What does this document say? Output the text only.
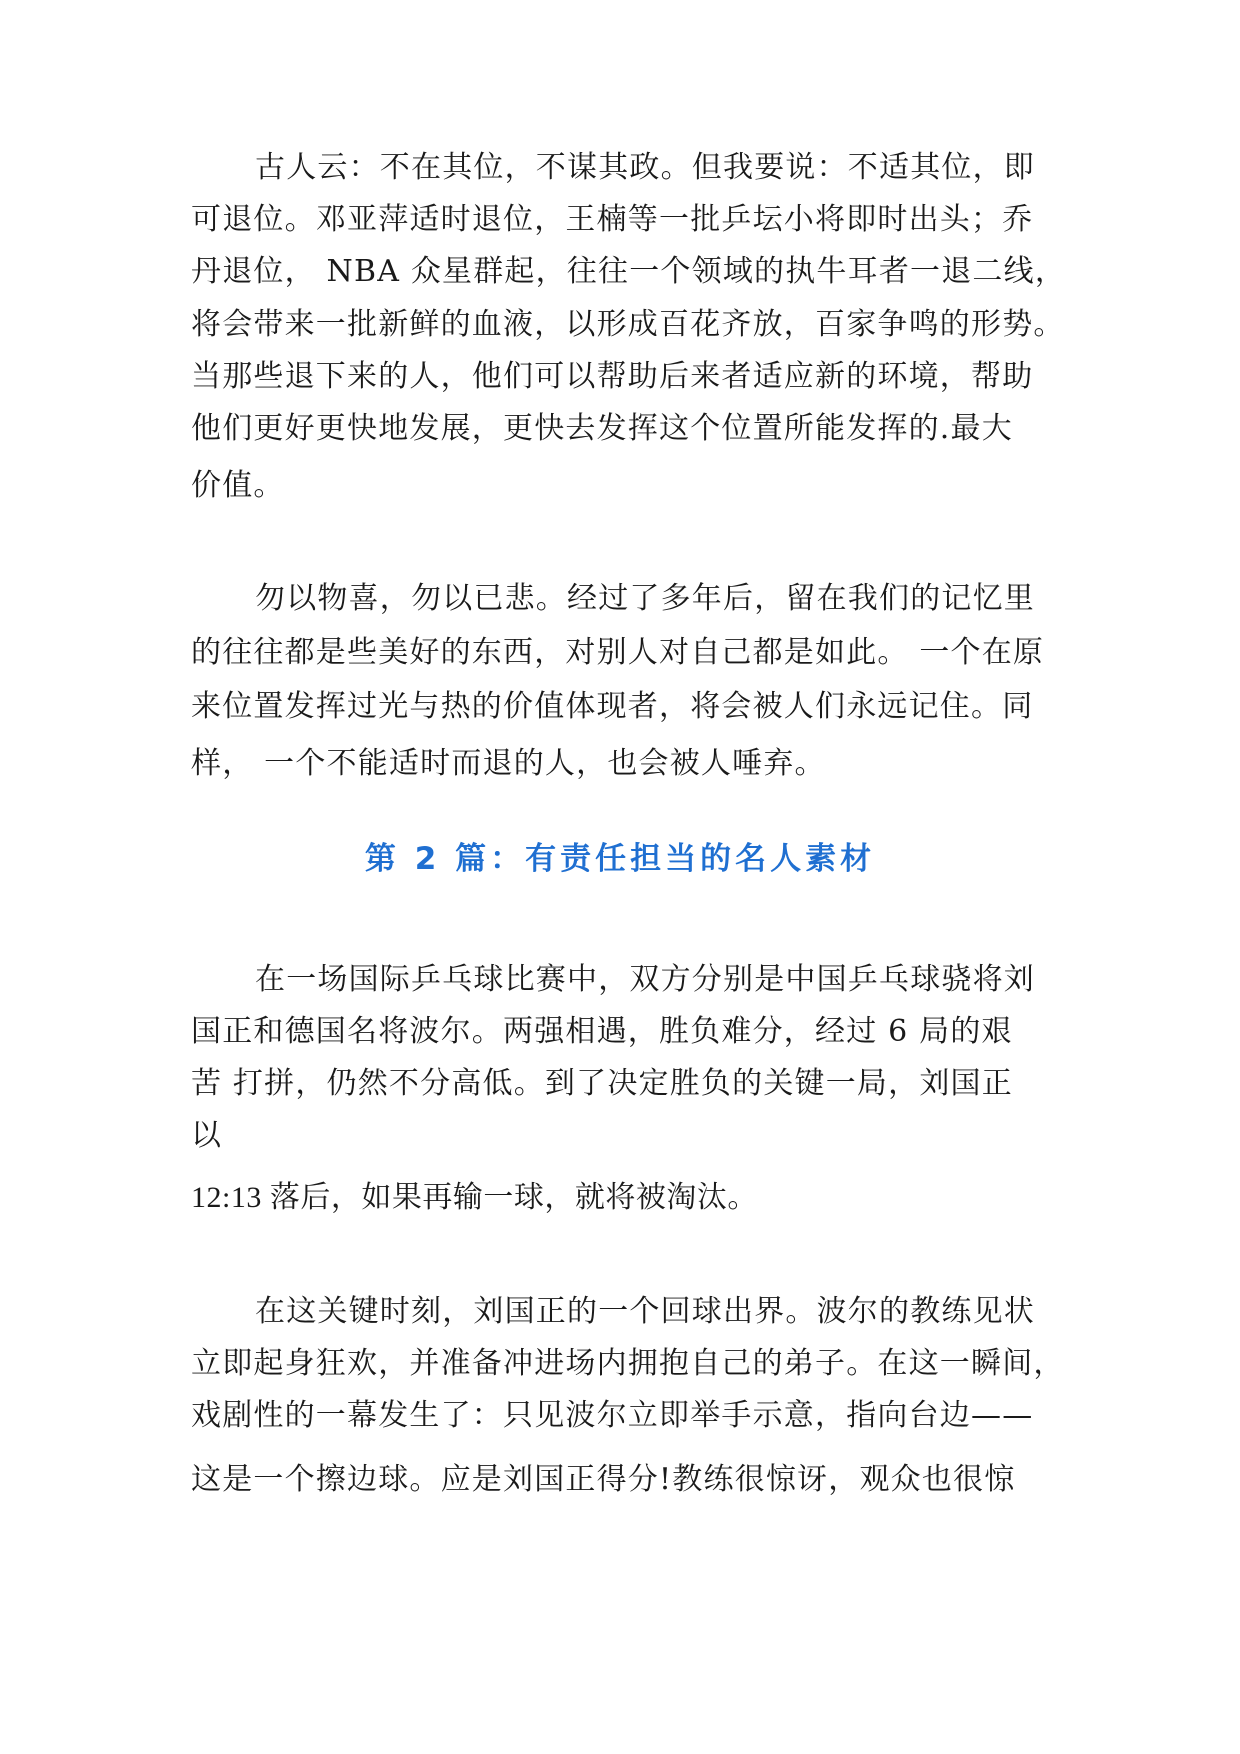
古人云：不在其位，不谋其政。但我要说：不适其位，即
可退位。邓亚萍适时退位，王楠等一批乒坛小将即时出头；乔
丹退位， NBA 众星群起，往往一个领域的执牛耳者一退二线，
将会带来一批新鲜的血液，以形成百花齐放，百家争鸣的形势。
当那些退下来的人，他们可以帮助后来者适应新的环境，帮助
他们更好更快地发展，更快去发挥这个位置所能发挥的.最大
价值。
勿以物喜，勿以已悲。经过了多年后，留在我们的记忆里
的往往都是些美好的东西，对别人对自己都是如此。 一个在原
来位置发挥过光与热的价值体现者，将会被人们永远记住。同
样， 一个不能适时而退的人，也会被人唾弃。
第 2 篇：有责任担当的名人素材
在一场国际乒乓球比赛中，双方分别是中国乒乓球骁将刘
国正和德国名将波尔。两强相遇，胜负难分，经过 6 局的艰
苦 打拼，仍然不分高低。到了决定胜负的关键一局，刘国正
以
12:13 落后，如果再输一球，就将被淘汰。
在这关键时刻，刘国正的一个回球出界。波尔的教练见状
立即起身狂欢，并准备冲进场内拥抱自己的弟子。在这一瞬间，
戏剧性的一幕发生了：只见波尔立即举手示意，指向台边——
这是一个擦边球。应是刘国正得分!教练很惊讶，观众也很惊
